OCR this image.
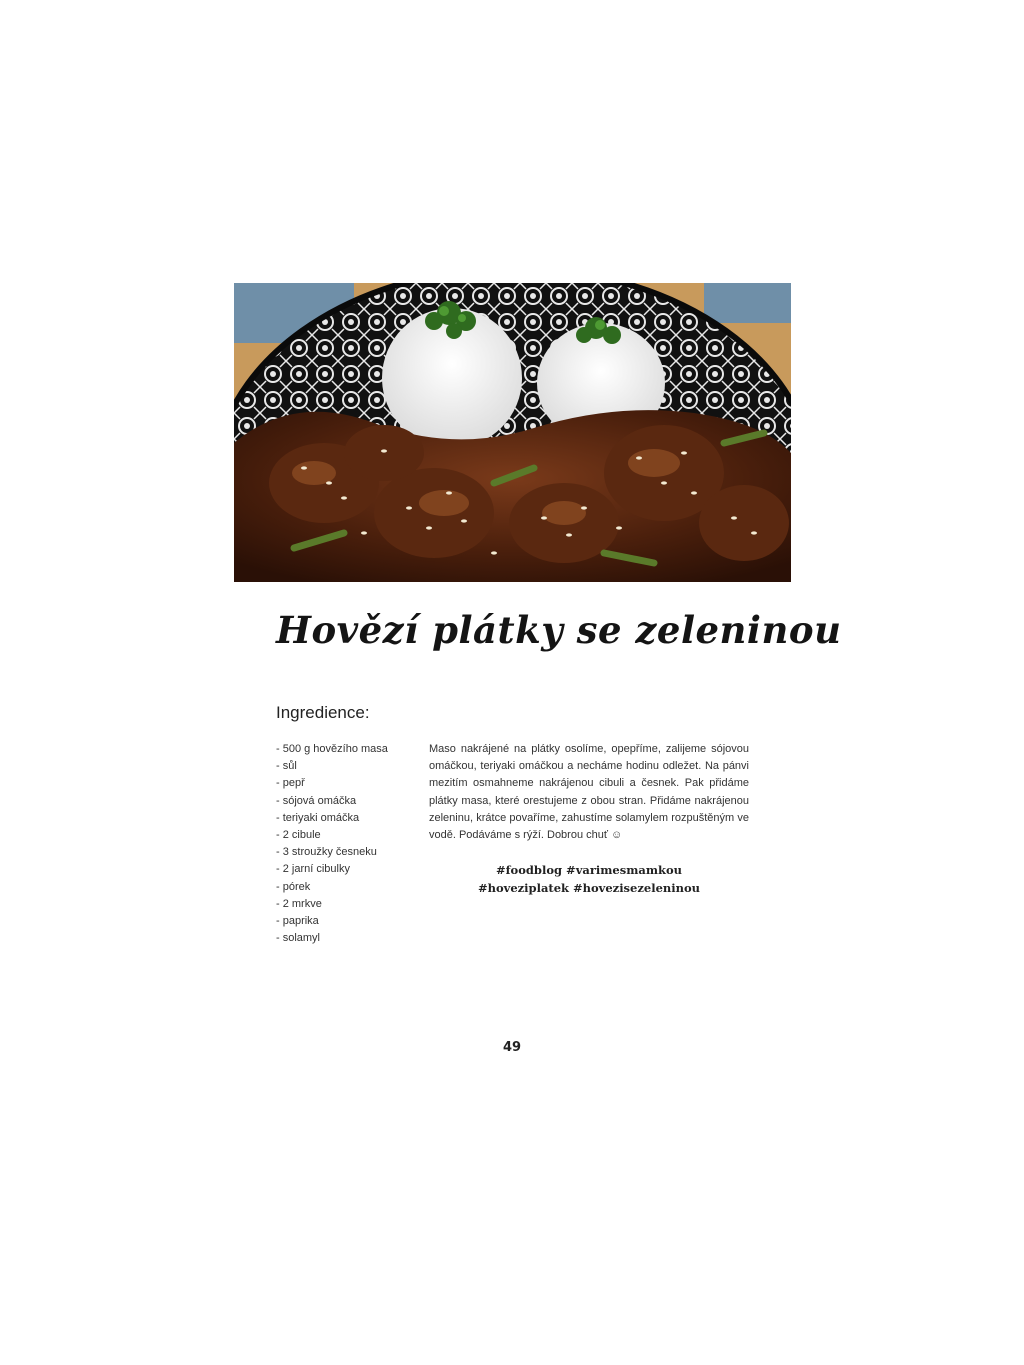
Hovězí plátky se zeleninou
Ingredience:
- 500 g hovězího masa
- sůl
- pepř
- sójová omáčka
- teriyaki omáčka
- 2 cibule
- 3 stroužky česneku
- 2 jarní cibulky
- pórek
- 2 mrkve
- paprika
- solamyl

Maso nakrájené na plátky osolíme, opepříme, zalijeme sójovou omáčkou, teriyaki omáčkou a necháme hodinu odležet. Na pánvi mezitím osmahneme nakrájenou cibuli a česnek. Pak přidáme plátky masa, které orestujeme z obou stran. Přidáme nakrájenou zeleninu, krátce povaříme, zahustíme solamylem rozpuštěným ve vodě. Podáváme s rýží. Dobrou chuť ☺

#foodblog #varimesmamkou
#hoveziplatek #hovezisezeleninou
49
